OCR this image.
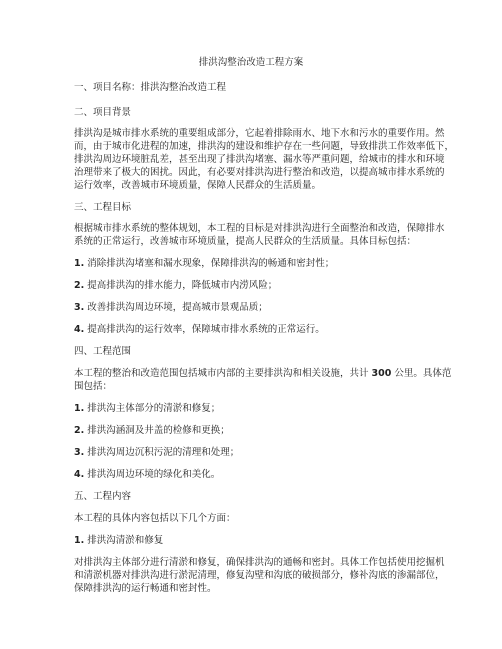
排洪沟整治改造工程方案
一、项目名称：排洪沟整治改造工程
二、项目背景
排洪沟是城市排水系统的重要组成部分，它起着排除雨水、地下水和污水的重要作用。然
而，由于城市化进程的加速，排洪沟的建设和维护存在一些问题，导致排洪工作效率低下，
排洪沟周边环境脏乱差，甚至出现了排洪沟堵塞、漏水等严重问题，给城市的排水和环境
治理带来了极大的困扰。因此，有必要对排洪沟进行整治和改造，以提高城市排水系统的
运行效率，改善城市环境质量，保障人民群众的生活质量。
三、工程目标
根据城市排水系统的整体规划，本工程的目标是对排洪沟进行全面整治和改造，保障排水
系统的正常运行，改善城市环境质量，提高人民群众的生活质量。具体目标包括：
1. 消除排洪沟堵塞和漏水现象，保障排洪沟的畅通和密封性；
2. 提高排洪沟的排水能力，降低城市内涝风险；
3. 改善排洪沟周边环境，提高城市景观品质；
4. 提高排洪沟的运行效率，保障城市排水系统的正常运行。
四、工程范围
本工程的整治和改造范围包括城市内部的主要排洪沟和相关设施，共计 300 公里。具体范
围包括：
1. 排洪沟主体部分的清淤和修复；
2. 排洪沟涵洞及井盖的检修和更换；
3. 排洪沟周边沉积污泥的清理和处理；
4. 排洪沟周边环境的绿化和美化。
五、工程内容
本工程的具体内容包括以下几个方面：
1. 排洪沟清淤和修复
对排洪沟主体部分进行清淤和修复，确保排洪沟的通畅和密封。具体工作包括使用挖掘机
和清淤机器对排洪沟进行淤泥清理，修复沟壁和沟底的破损部分，修补沟底的渗漏部位，
保障排洪沟的运行畅通和密封性。
